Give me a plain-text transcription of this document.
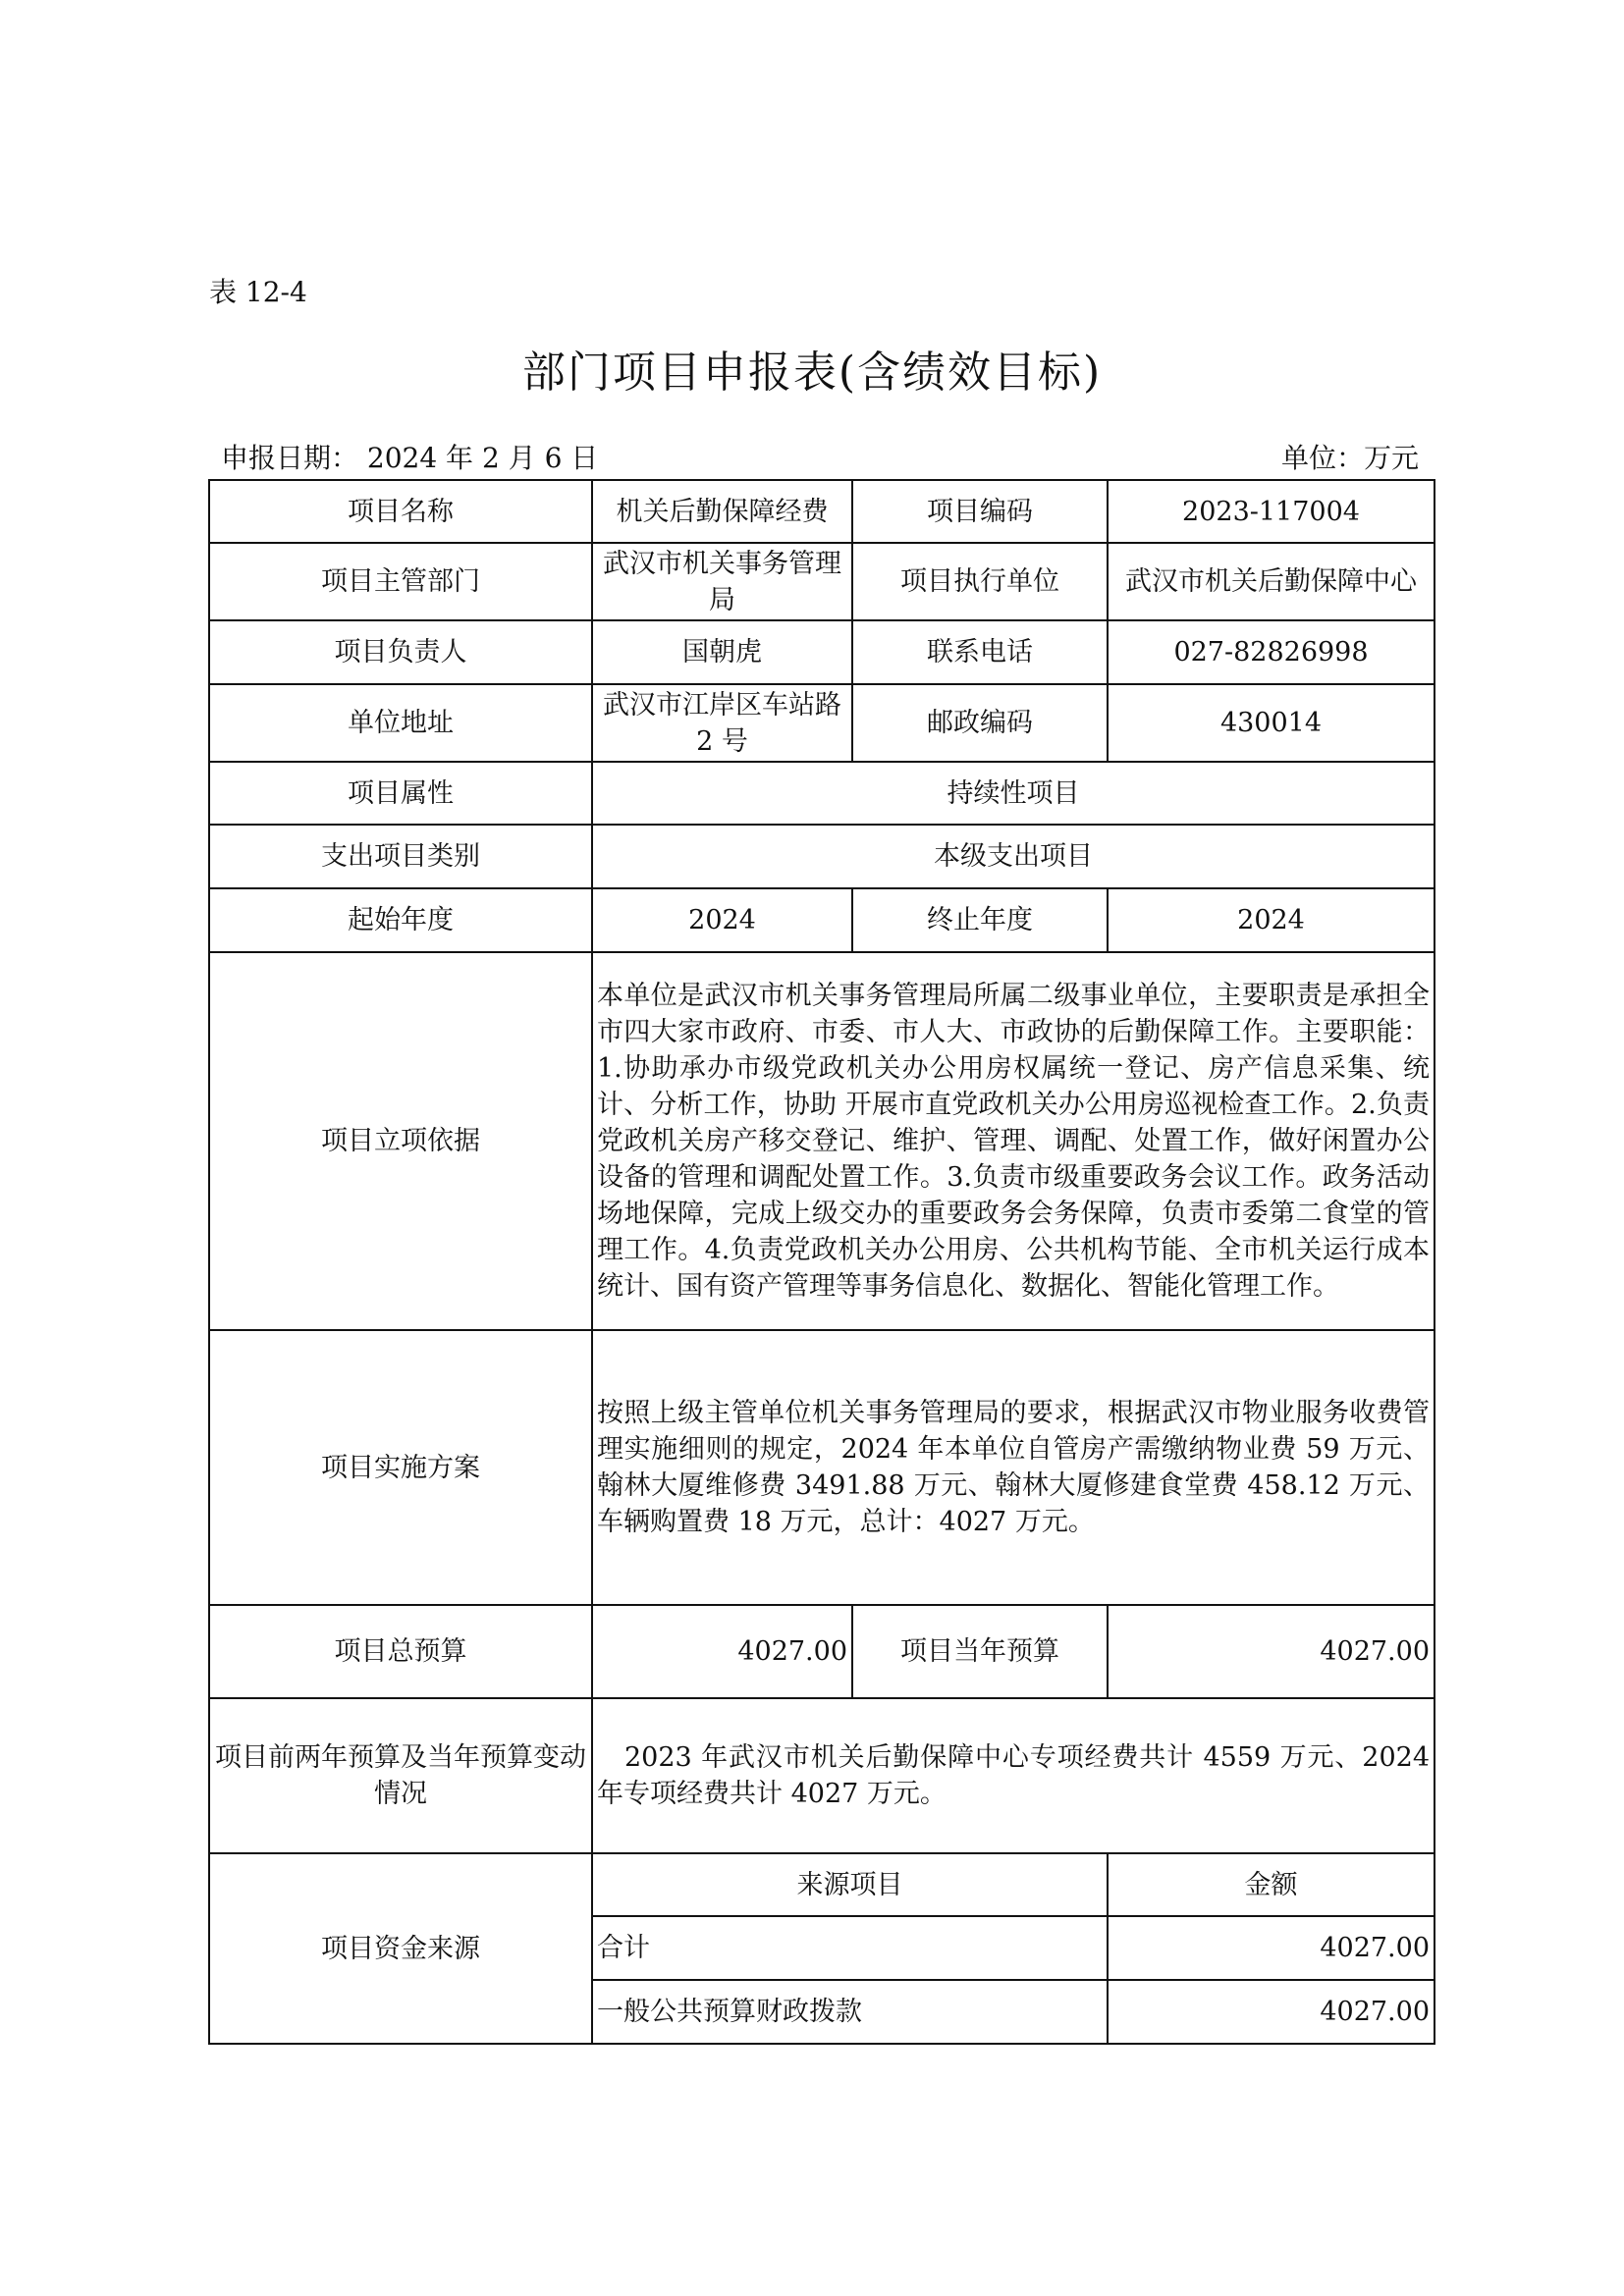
表 12-4
部门项目申报表(含绩效目标)
申报日期： 2024 年 2 月 6 日	单位：万元
项目名称	机关后勤保障经费	项目编码	2023-117004
项目主管部门	武汉市机关事务管理局	项目执行单位	武汉市机关后勤保障中心
项目负责人	国朝虎	联系电话	027-82826998
单位地址	武汉市江岸区车站路 2 号	邮政编码	430014
项目属性	持续性项目		
支出项目类别	本级支出项目		
起始年度	2024	终止年度	2024
项目立项依据	本单位是武汉市机关事务管理局所属二级事业单位，主要职责是承担全市四大家市政府、市委、市人大、市政协的后勤保障工作。主要职能：1.协助承办市级党政机关办公用房权属统一登记、房产信息采集、统计、分析工作，协助 开展市直党政机关办公用房巡视检查工作。2.负责党政机关房产移交登记、维护、管理、调配、处置工作，做好闲置办公设备的管理和调配处置工作。3.负责市级重要政务会议工作。政务活动场地保障，完成上级交办的重要政务会务保障，负责市委第二食堂的管理工作。4.负责党政机关办公用房、公共机构节能、全市机关运行成本统计、国有资产管理等事务信息化、数据化、智能化管理工作。		
项目实施方案	按照上级主管单位机关事务管理局的要求，根据武汉市物业服务收费管理实施细则的规定，2024 年本单位自管房产需缴纳物业费 59 万元、翰林大厦维修费 3491.88 万元、翰林大厦修建食堂费 458.12 万元、车辆购置费 18 万元，总计：4027 万元。		
项目总预算	4027.00	项目当年预算	4027.00
项目前两年预算及当年预算变动情况	2023 年武汉市机关后勤保障中心专项经费共计 4559 万元、2024 年专项经费共计 4027 万元。		
项目资金来源	来源项目		金额
	合计		4027.00
	一般公共预算财政拨款		4027.00
